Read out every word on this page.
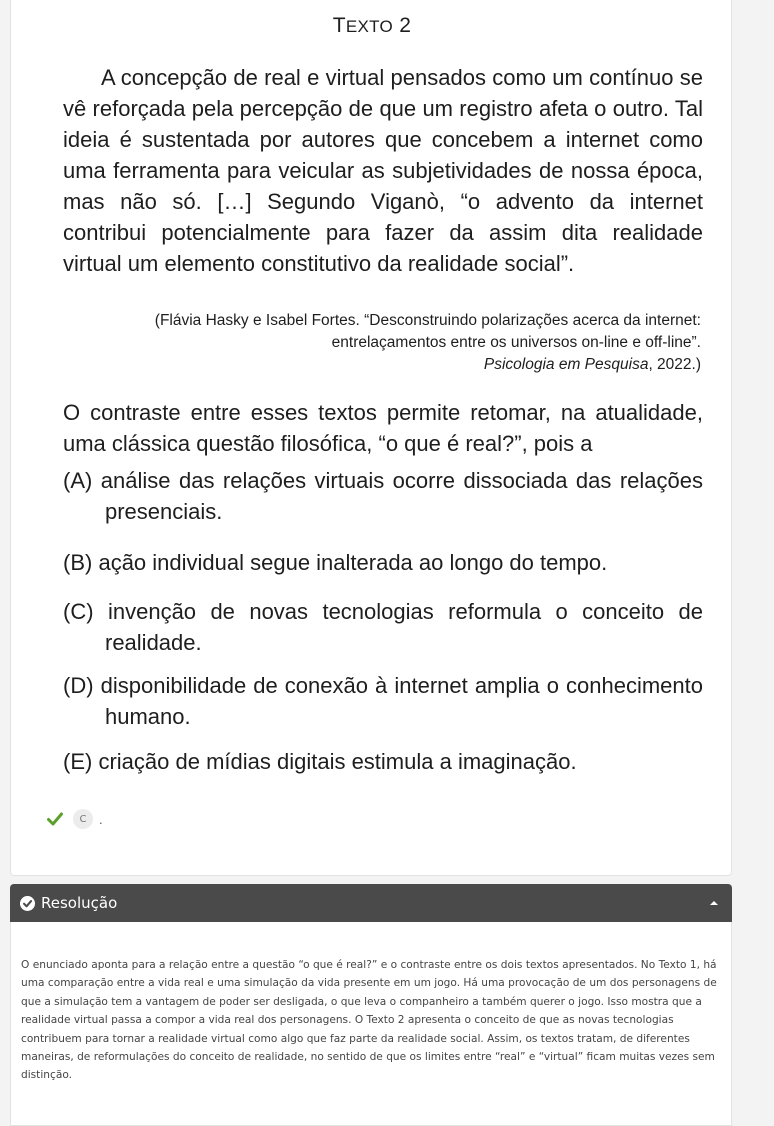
TEXTO 2

A concepção de real e virtual pensados como um contínuo se vê reforçada pela percepção de que um registro afeta o outro. Tal ideia é sustentada por autores que concebem a internet como uma ferramenta para veicular as subjetividades de nossa época, mas não só. […] Segundo Viganò, “o advento da internet contribui potencialmente para fazer da assim dita realidade virtual um elemento constitutivo da realidade social”.

(Flávia Hasky e Isabel Fortes. “Desconstruindo polarizações acerca da internet: entrelaçamentos entre os universos on-line e off-line”.
Psicologia em Pesquisa, 2022.)

O contraste entre esses textos permite retomar, na atualidade, uma clássica questão filosófica, “o que é real?”, pois a

(A) análise das relações virtuais ocorre dissociada das relações presenciais.

(B) ação individual segue inalterada ao longo do tempo.

(C) invenção de novas tecnologias reformula o conceito de realidade.

(D) disponibilidade de conexão à internet amplia o conhecimento humano.

(E) criação de mídias digitais estimula a imaginação.

C .
Resolução

O enunciado aponta para a relação entre a questão “o que é real?” e o contraste entre os dois textos apresentados. No Texto 1, há uma comparação entre a vida real e uma simulação da vida presente em um jogo. Há uma provocação de um dos personagens de que a simulação tem a vantagem de poder ser desligada, o que leva o companheiro a também querer o jogo. Isso mostra que a realidade virtual passa a compor a vida real dos personagens. O Texto 2 apresenta o conceito de que as novas tecnologias contribuem para tornar a realidade virtual como algo que faz parte da realidade social. Assim, os textos tratam, de diferentes maneiras, de reformulações do conceito de realidade, no sentido de que os limites entre “real” e “virtual” ficam muitas vezes sem distinção.
